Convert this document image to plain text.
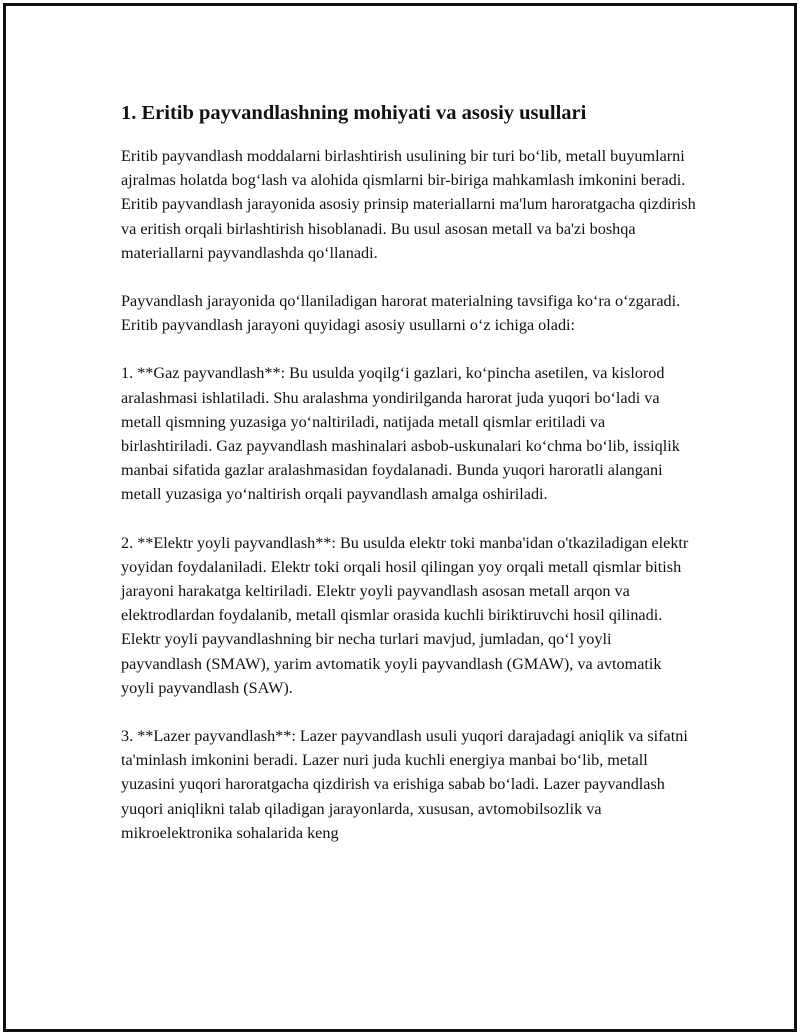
1. Eritib payvandlashning mohiyati va asosiy usullari

Eritib payvandlash moddalarni birlashtirish usulining bir turi bo‘lib, metall buyumlarni ajralmas holatda bog‘lash va alohida qismlarni bir-biriga mahkamlash imkonini beradi. Eritib payvandlash jarayonida asosiy prinsip materiallarni ma'lum haroratgacha qizdirish va eritish orqali birlashtirish hisoblanadi. Bu usul asosan metall va ba'zi boshqa materiallarni payvandlashda qo‘llanadi.

Payvandlash jarayonida qo‘llaniladigan harorat materialning tavsifiga ko‘ra o‘zgaradi. Eritib payvandlash jarayoni quyidagi asosiy usullarni o‘z ichiga oladi:

1. **Gaz payvandlash**: Bu usulda yoqilg‘i gazlari, ko‘pincha asetilen, va kislorod aralashmasi ishlatiladi. Shu aralashma yondirilganda harorat juda yuqori bo‘ladi va metall qismning yuzasiga yo‘naltiriladi, natijada metall qismlar eritiladi va birlashtiriladi. Gaz payvandlash mashinalari asbob-uskunalari ko‘chma bo‘lib, issiqlik manbai sifatida gazlar aralashmasidan foydalanadi. Bunda yuqori haroratli alangani metall yuzasiga yo‘naltirish orqali payvandlash amalga oshiriladi.

2. **Elektr yoyli payvandlash**: Bu usulda elektr toki manba'idan o'tkaziladigan elektr yoyidan foydalaniladi. Elektr toki orqali hosil qilingan yoy orqali metall qismlar bitish jarayoni harakatga keltiriladi. Elektr yoyli payvandlash asosan metall arqon va elektrodlardan foydalanib, metall qismlar orasida kuchli biriktiruvchi hosil qilinadi. Elektr yoyli payvandlashning bir necha turlari mavjud, jumladan, qo‘l yoyli payvandlash (SMAW), yarim avtomatik yoyli payvandlash (GMAW), va avtomatik yoyli payvandlash (SAW).

3. **Lazer payvandlash**: Lazer payvandlash usuli yuqori darajadagi aniqlik va sifatni ta'minlash imkonini beradi. Lazer nuri juda kuchli energiya manbai bo‘lib, metall yuzasini yuqori haroratgacha qizdirish va erishiga sabab bo‘ladi. Lazer payvandlash yuqori aniqlikni talab qiladigan jarayonlarda, xususan, avtomobilsozlik va mikroelektronika sohalarida keng
